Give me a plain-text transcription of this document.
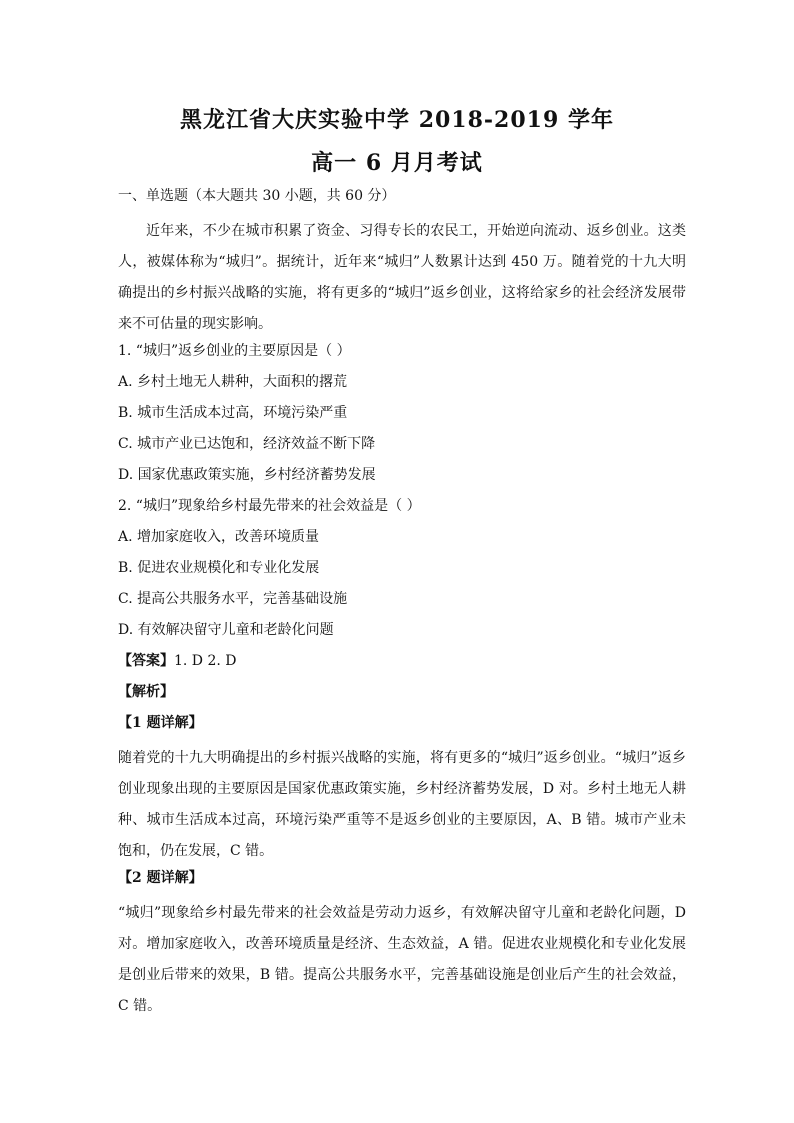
黑龙江省大庆实验中学 2018-2019 学年
高一 6 月月考试
一、单选题（本大题共 30 小题，共 60 分）
近年来，不少在城市积累了资金、习得专长的农民工，开始逆向流动、返乡创业。这类人，被媒体称为“城归”。据统计，近年来“城归”人数累计达到 450 万。随着党的十九大明确提出的乡村振兴战略的实施，将有更多的“城归”返乡创业，这将给家乡的社会经济发展带来不可估量的现实影响。
1. “城归”返乡创业的主要原因是（ ）
A. 乡村土地无人耕种，大面积的撂荒
B. 城市生活成本过高，环境污染严重
C. 城市产业已达饱和，经济效益不断下降
D. 国家优惠政策实施，乡村经济蓄势发展
2. “城归”现象给乡村最先带来的社会效益是（ ）
A. 增加家庭收入，改善环境质量
B. 促进农业规模化和专业化发展
C. 提高公共服务水平，完善基础设施
D. 有效解决留守儿童和老龄化问题
【答案】1. D 2. D
【解析】
【1 题详解】
随着党的十九大明确提出的乡村振兴战略的实施，将有更多的“城归”返乡创业。“城归”返乡创业现象出现的主要原因是国家优惠政策实施，乡村经济蓄势发展，D 对。乡村土地无人耕种、城市生活成本过高，环境污染严重等不是返乡创业的主要原因，A、B 错。城市产业未饱和，仍在发展，C 错。
【2 题详解】
“城归”现象给乡村最先带来的社会效益是劳动力返乡，有效解决留守儿童和老龄化问题，D 对。增加家庭收入，改善环境质量是经济、生态效益，A 错。促进农业规模化和专业化发展是创业后带来的效果，B 错。提高公共服务水平，完善基础设施是创业后产生的社会效益，C 错。
